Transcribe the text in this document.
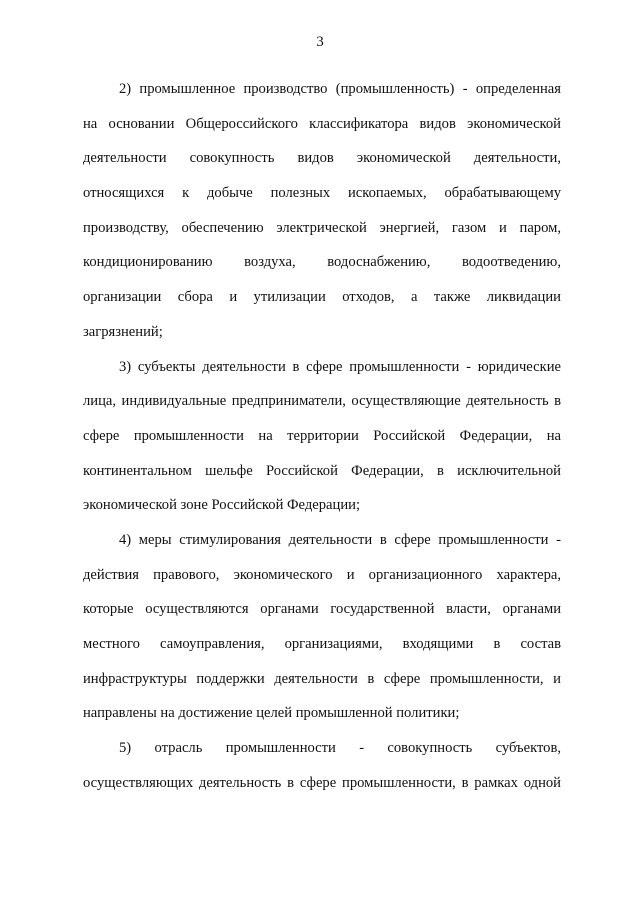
3
2) промышленное производство (промышленность) - определенная
на основании Общероссийского классификатора видов экономической
деятельности совокупность видов экономической деятельности,
относящихся к добыче полезных ископаемых, обрабатывающему
производству, обеспечению электрической энергией, газом и паром,
кондиционированию воздуха, водоснабжению, водоотведению,
организации сбора и утилизации отходов, а также ликвидации
загрязнений;
3) субъекты деятельности в сфере промышленности - юридические
лица, индивидуальные предприниматели, осуществляющие деятельность в
сфере промышленности на территории Российской Федерации, на
континентальном шельфе Российской Федерации, в исключительной
экономической зоне Российской Федерации;
4) меры стимулирования деятельности в сфере промышленности -
действия правового, экономического и организационного характера,
которые осуществляются органами государственной власти, органами
местного самоуправления, организациями, входящими в состав
инфраструктуры поддержки деятельности в сфере промышленности, и
направлены на достижение целей промышленной политики;
5) отрасль промышленности - совокупность субъектов,
осуществляющих деятельность в сфере промышленности, в рамках одной
